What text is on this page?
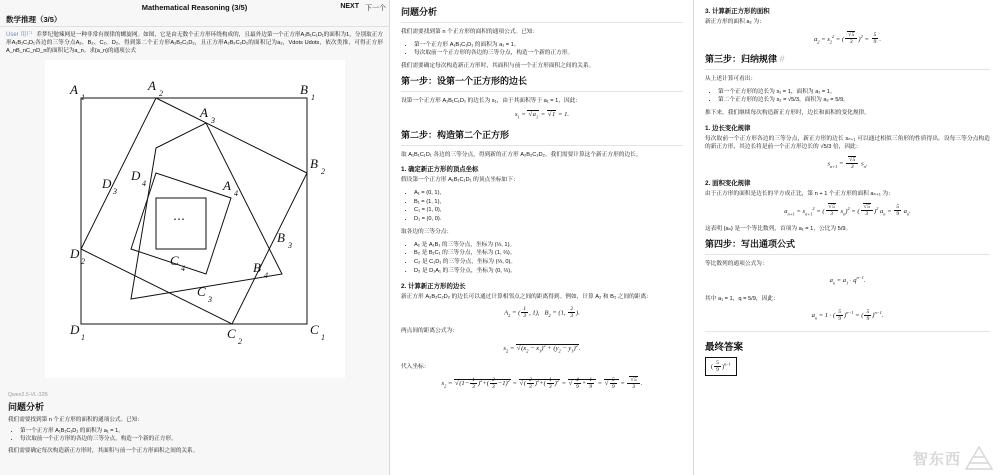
Mathematical Reasoning (3/5)
数学推理（3/5）
NEXT 下一个
User 用户 乔梦纪勉辣网是一种非常有规律的螺旋网。如图，它是由无数个正方形环绕构成的，且最外边第一个正方形A₁B₁C₁D₁的面积为1，分别取正方形A₁B₁C₁D₁各边的三等分点A₂、B₂、C₂、D₂，得到第二个正方形A₂B₂C₂D₂，且正方形A₂B₂C₂D₂的面积记为a₂，Vdots Udots，依次类推，可得正方形A_nB_nC_nD_n的面积记为a_n。求{a_n}的通项公式
A
1
A
2
A
3
A
4
B
1
B
2
B
3
B
4
C
1
C
2
C
3
C
4
D
1
D
2
D
3
D
4
⋯
Qwen2.5-VL-32B
问题分析

我们需要找到第 n 个正方形的面积的通项公式。已知：

• 第一个正方形 A₁B₁C₁D₁ 的面积为 a₁ = 1。
• 每次取前一个正方形的各边的三等分点，构造一个新的正方形。

我们需要确定每次构造新正方形时，其面积与前一个正方形面积之间的关系。

问题分析

我们需要找到第 n 个正方形的面积的通项公式。已知：

• 第一个正方形 A₁B₁C₁D₁ 的面积为 a₁ = 1。
• 每次取前一个正方形的各边的三等分点，构造一个新的正方形。

我们需要确定每次构造新正方形时，其面积与前一个正方形面积之间的关系。

第一步：设第一个正方形的边长

设第一个正方形 A₁B₁C₁D₁ 的边长为 s₁，由于其面积等于 a₁ = 1，因此：

$s_1$ = √ $a_1$ = √ 1 = 1.
第二步：构造第二个正方形

取 A₁B₁C₁D₁ 各边的三等分点，得到新的正方形 A₂B₂C₂D₂。我们需要计算这个新正方形的边长。

1. 确定新正方形的顶点坐标

假设第一个正方形 A₁B₁C₁D₁ 的顶点坐标如下：

• A₁ = (0, 1),
• B₁ = (1, 1),
• C₁ = (1, 0),
• D₁ = (0, 0).

取各边的三等分点：

• A₂ 是 A₁B₁ 的三等分点，坐标为 (⅓, 1)。
• B₂ 是 B₁C₁ 的三等分点，坐标为 (1, ⅔)。
• C₂ 是 C₁D₁ 的三等分点，坐标为 (⅔, 0)。
• D₂ 是 D₁A₁ 的三等分点，坐标为 (0, ⅓)。
2. 计算新正方形的边长

新正方形 A₂B₂C₂D₂ 的边长可以通过计算相邻点之间的距离得到。例如，计算 A₂ 和 B₂ 之间的距离：

$A_2$ = ( $\frac{1}{3}$ , 1),   $B_2 = (1$, $\frac{2}{3}$ ).

两点间的距离公式为：

$s_2$ = √ $(x_2 - x_1)^2 + (y_2 - y_1)^2$.

代入坐标：

$s_2$ = √ $(1- \frac{1}{3} )^2+( \frac{2}{3} -1)^2$ = √ ( $\frac{2}{3} )^2+( \frac{1}{3} )^2$ = √  $\frac{4}{9} + \frac{1}{9}$ = √  $\frac{5}{9} = \frac{√ 5}{3}$ .
3. 计算新正方形的面积

新正方形的面积 a₂ 为：

$a_2 = s_2^2$ = ( $\frac{√ 5}{3} )^2 = \frac{5}{9}$ .
第三步：归纳规律 #

从上述计算可看出：

• 第一个正方形的边长为 s₁ = 1，面积为 a₁ = 1。
• 第二个正方形的边长为 s₂ = √5/3，面积为 a₂ = 5/9。

推下来，我们继续每次构造新正方形时，边长和面积的变化规律。

1. 边长变化规律

每次取前一个正方形各边的三等分点，新正方形的边长 sₙ₊₁ 可以通过相似三角形的性质得出。设每三等分点构造的新正方形，其边长将是前一个正方形边长的 √5/3 倍，因此：

$s_{n+1} = \frac{√ 5}{3} s_n$.
2. 面积变化规律

由于正方形的面积是边长的平方成正比，第 n + 1 个正方形的面积 aₙ₊₁ 为：

$a_{n+1} = s_{n+1}^2$ = ( $\frac{√ 5}{3} s_n)^2$ = ( $\frac{√ 5}{3} )^2$ $a_n = \frac{5}{9} a_n$.

这表明 {aₙ} 是一个等比数列，首项为 a₁ = 1，公比为 5/9。

第四步：写出通项公式

等比数列的通项公式为：

$a_n = a_1 \cdot q^{n-1}$.

其中 a₁ = 1，q = 5/9，因此：

$a_n = 1$ · ( $\frac{5}{9} )^{n-1}$ = ( $\frac{5}{9} )^{n-1}$.
最终答案
( $\frac{5}{9} )^{n-1}$
智东西
